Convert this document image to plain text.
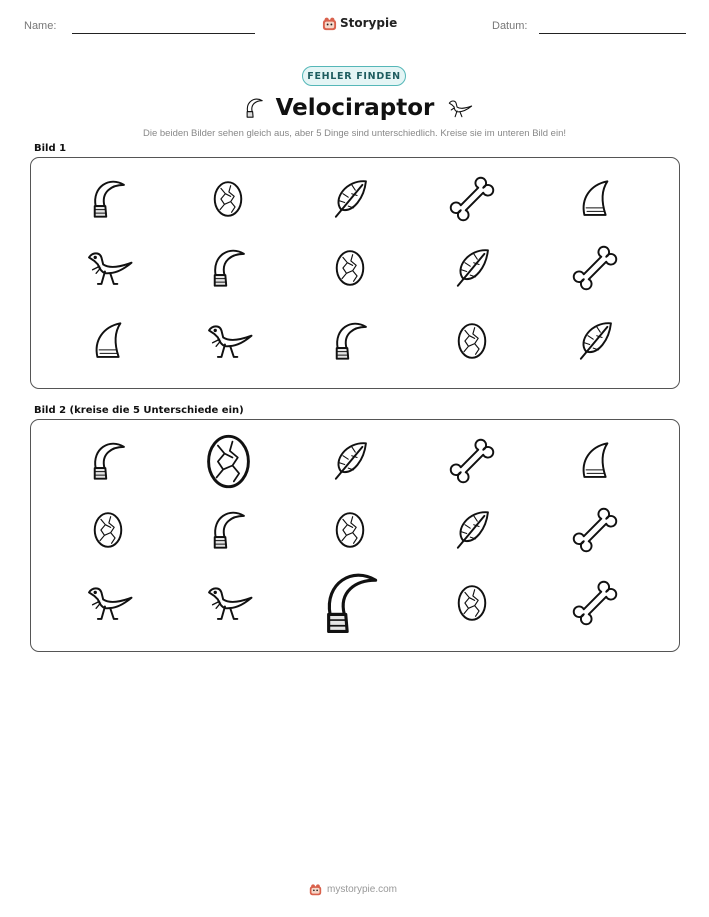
Name:	Storypie	Datum:
FEHLER FINDEN
Velociraptor
Die beiden Bilder sehen gleich aus, aber 5 Dinge sind unterschiedlich. Kreise sie im unteren Bild ein!
Bild 1
Bild 2 (kreise die 5 Unterschiede ein)
mystorypie.com
